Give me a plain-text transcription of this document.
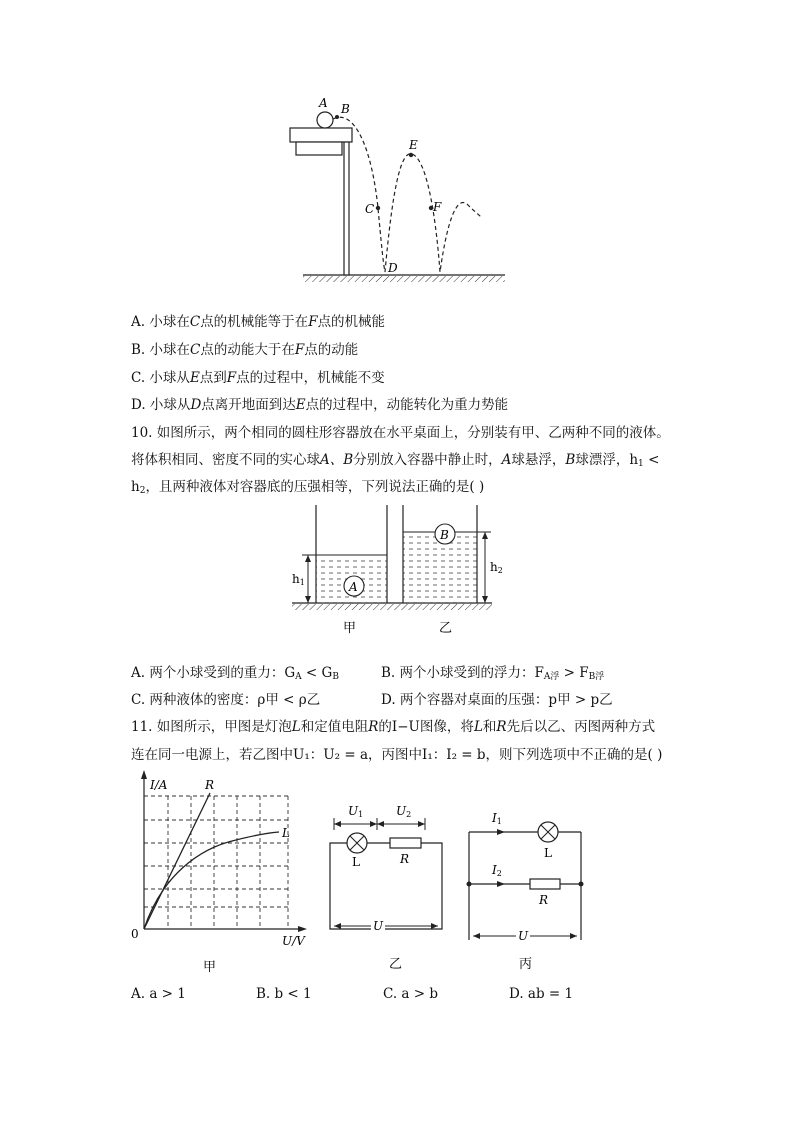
A B
C
D
E
F
A. 小球在C点的机械能等于在F点的机械能
B. 小球在C点的动能大于在F点的动能
C. 小球从E点到F点的过程中，机械能不变
D. 小球从D点离开地面到达E点的过程中，动能转化为重力势能
10. 如图所示，两个相同的圆柱形容器放在水平桌面上，分别装有甲、乙两种不同的液体。
将体积相同、密度不同的实心球A、B分别放入容器中静止时，A球悬浮，B球漂浮，$h_1$ <
$h_2$，且两种液体对容器底的压强相等，下列说法正确的是( )
A
B
h1
h2
甲	乙
A. 两个小球受到的重力：$G_A < G_B$	B. 两个小球受到的浮力：$F_{A浮} > F_{B浮}$
C. 两种液体的密度：ρ甲 < ρ乙	D. 两个容器对桌面的压强：p甲 > p乙
11. 如图所示，甲图是灯泡L和定值电阻R的I−U图像，将L和R先后以乙、丙图两种方式
连在同一电源上，若乙图中U₁：U₂ = a，丙图中I₁：I₂ = b，则下列选项中不正确的是( )
I/A
U/V
0
R
L
甲
U1	U2
L	R
U
乙
I1
L
I2
R
U
丙
A. a > 1	B. b < 1	C. a > b	D. ab = 1
